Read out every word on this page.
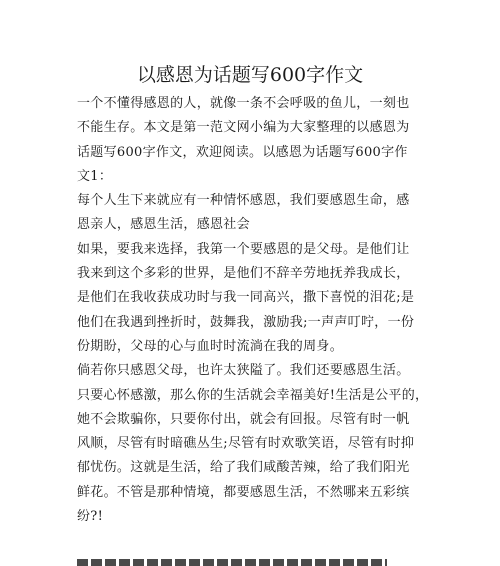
以感恩为话题写600字作文
一个不懂得感恩的人，就像一条不会呼吸的鱼儿，一刻也
不能生存。本文是第一范文网小编为大家整理的以感恩为
话题写600字作文，欢迎阅读。以感恩为话题写600字作
文1：
每个人生下来就应有一种情怀感恩，我们要感恩生命，感
恩亲人，感恩生活，感恩社会
如果，要我来选择，我第一个要感恩的是父母。是他们让
我来到这个多彩的世界，是他们不辞辛劳地抚养我成长，
是他们在我收获成功时与我一同高兴，撒下喜悦的泪花;是
他们在我遇到挫折时，鼓舞我，激励我;一声声叮咛，一份
份期盼，父母的心与血时时流淌在我的周身。
倘若你只感恩父母，也许太狭隘了。我们还要感恩生活。
只要心怀感激，那么你的生活就会幸福美好!生活是公平的，
她不会欺骗你，只要你付出，就会有回报。尽管有时一帆
风顺，尽管有时暗礁丛生;尽管有时欢歌笑语，尽管有时抑
郁忧伤。这就是生活，给了我们咸酸苦辣，给了我们阳光
鲜花。不管是那种情境，都要感恩生活，不然哪来五彩缤
纷?!
